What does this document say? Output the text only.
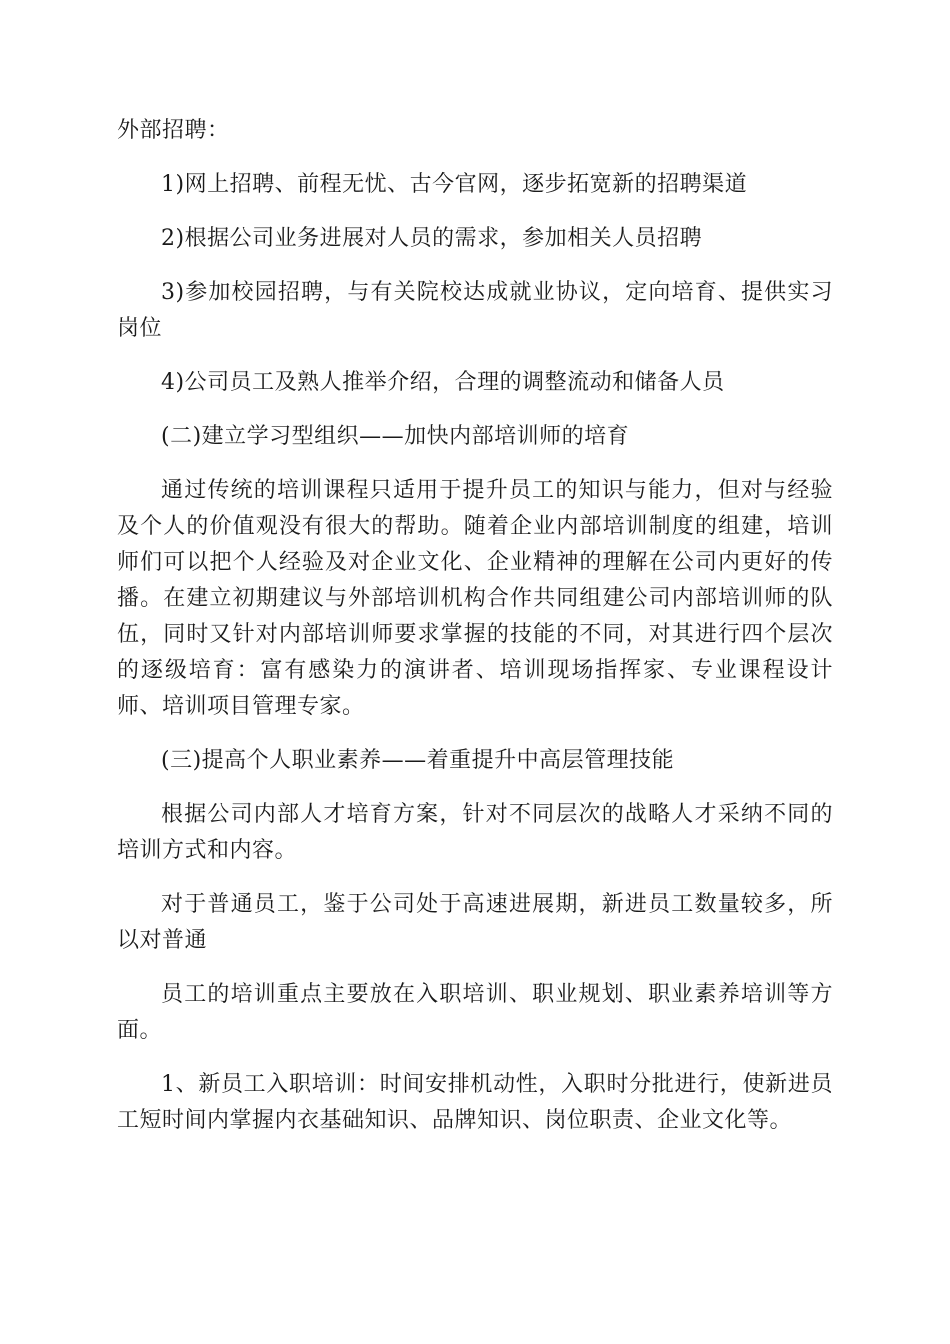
外部招聘：

1)网上招聘、前程无忧、古今官网，逐步拓宽新的招聘渠道

2)根据公司业务进展对人员的需求，参加相关人员招聘

3)参加校园招聘，与有关院校达成就业协议，定向培育、提供实习岗位

4)公司员工及熟人推举介绍，合理的调整流动和储备人员

(二)建立学习型组织——加快内部培训师的培育

通过传统的培训课程只适用于提升员工的知识与能力，但对与经验及个人的价值观没有很大的帮助。随着企业内部培训制度的组建，培训师们可以把个人经验及对企业文化、企业精神的理解在公司内更好的传播。在建立初期建议与外部培训机构合作共同组建公司内部培训师的队伍，同时又针对内部培训师要求掌握的技能的不同，对其进行四个层次的逐级培育：富有感染力的演讲者、培训现场指挥家、专业课程设计师、培训项目管理专家。

(三)提高个人职业素养——着重提升中高层管理技能

根据公司内部人才培育方案，针对不同层次的战略人才采纳不同的培训方式和内容。

对于普通员工，鉴于公司处于高速进展期，新进员工数量较多，所以对普通

员工的培训重点主要放在入职培训、职业规划、职业素养培训等方面。

1、新员工入职培训：时间安排机动性，入职时分批进行，使新进员工短时间内掌握内衣基础知识、品牌知识、岗位职责、企业文化等。
